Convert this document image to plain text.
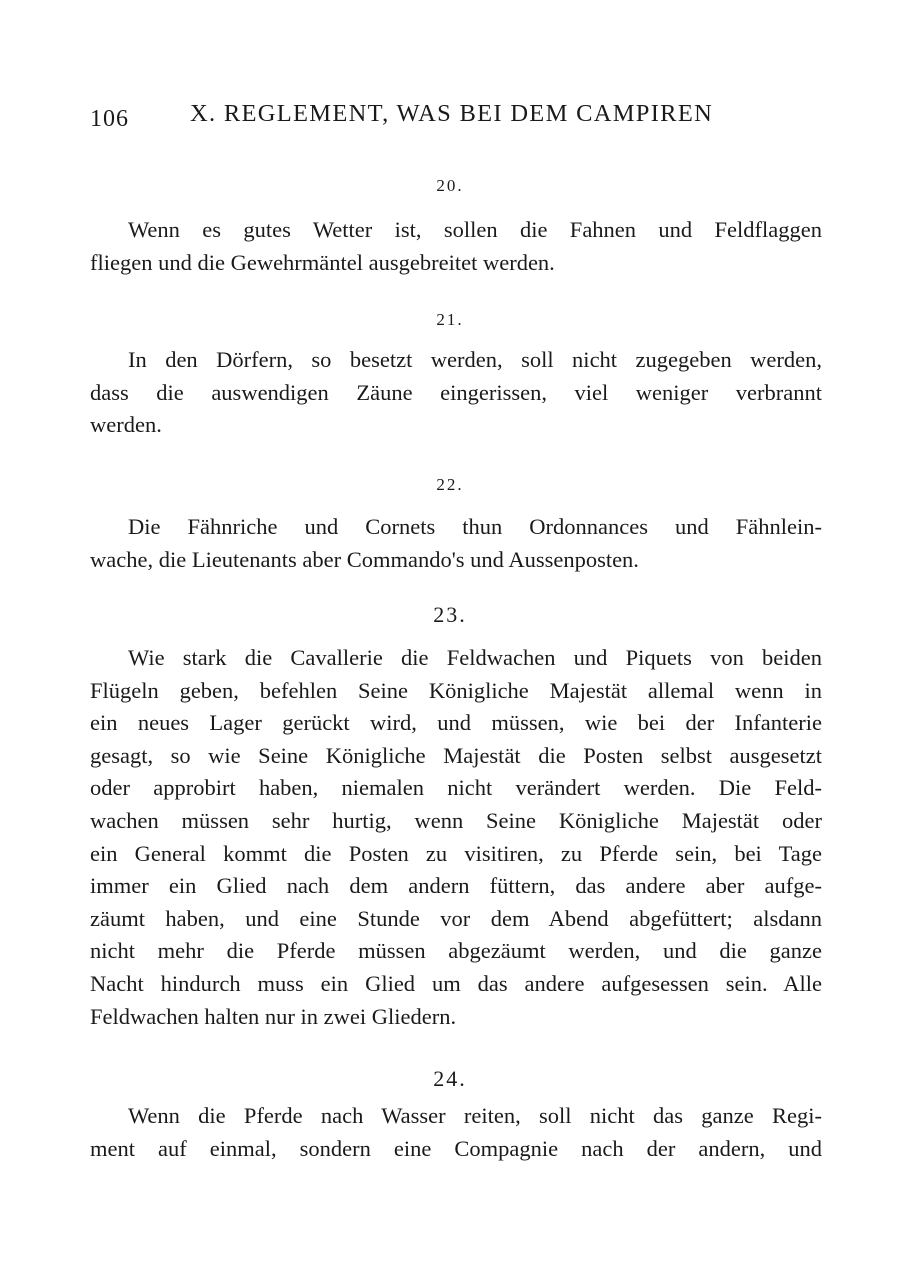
106 X. REGLEMENT, WAS BEI DEM CAMPIREN
20.
Wenn es gutes Wetter ist, sollen die Fahnen und Feldflaggen
fliegen und die Gewehrmäntel ausgebreitet werden.
21.
In den Dörfern, so besetzt werden, soll nicht zugegeben werden,
dass die auswendigen Zäune eingerissen, viel weniger verbrannt
werden.
22.
Die Fähnriche und Cornets thun Ordonnances und Fähnlein-
wache, die Lieutenants aber Commando's und Aussenposten.
23.
Wie stark die Cavallerie die Feldwachen und Piquets von beiden
Flügeln geben, befehlen Seine Königliche Majestät allemal wenn in
ein neues Lager gerückt wird, und müssen, wie bei der Infanterie
gesagt, so wie Seine Königliche Majestät die Posten selbst ausgesetzt
oder approbirt haben, niemalen nicht verändert werden. Die Feld-
wachen müssen sehr hurtig, wenn Seine Königliche Majestät oder
ein General kommt die Posten zu visitiren, zu Pferde sein, bei Tage
immer ein Glied nach dem andern füttern, das andere aber aufge-
zäumt haben, und eine Stunde vor dem Abend abgefüttert; alsdann
nicht mehr die Pferde müssen abgezäumt werden, und die ganze
Nacht hindurch muss ein Glied um das andere aufgesessen sein. Alle
Feldwachen halten nur in zwei Gliedern.
24.
Wenn die Pferde nach Wasser reiten, soll nicht das ganze Regi-
ment auf einmal, sondern eine Compagnie nach der andern, und
